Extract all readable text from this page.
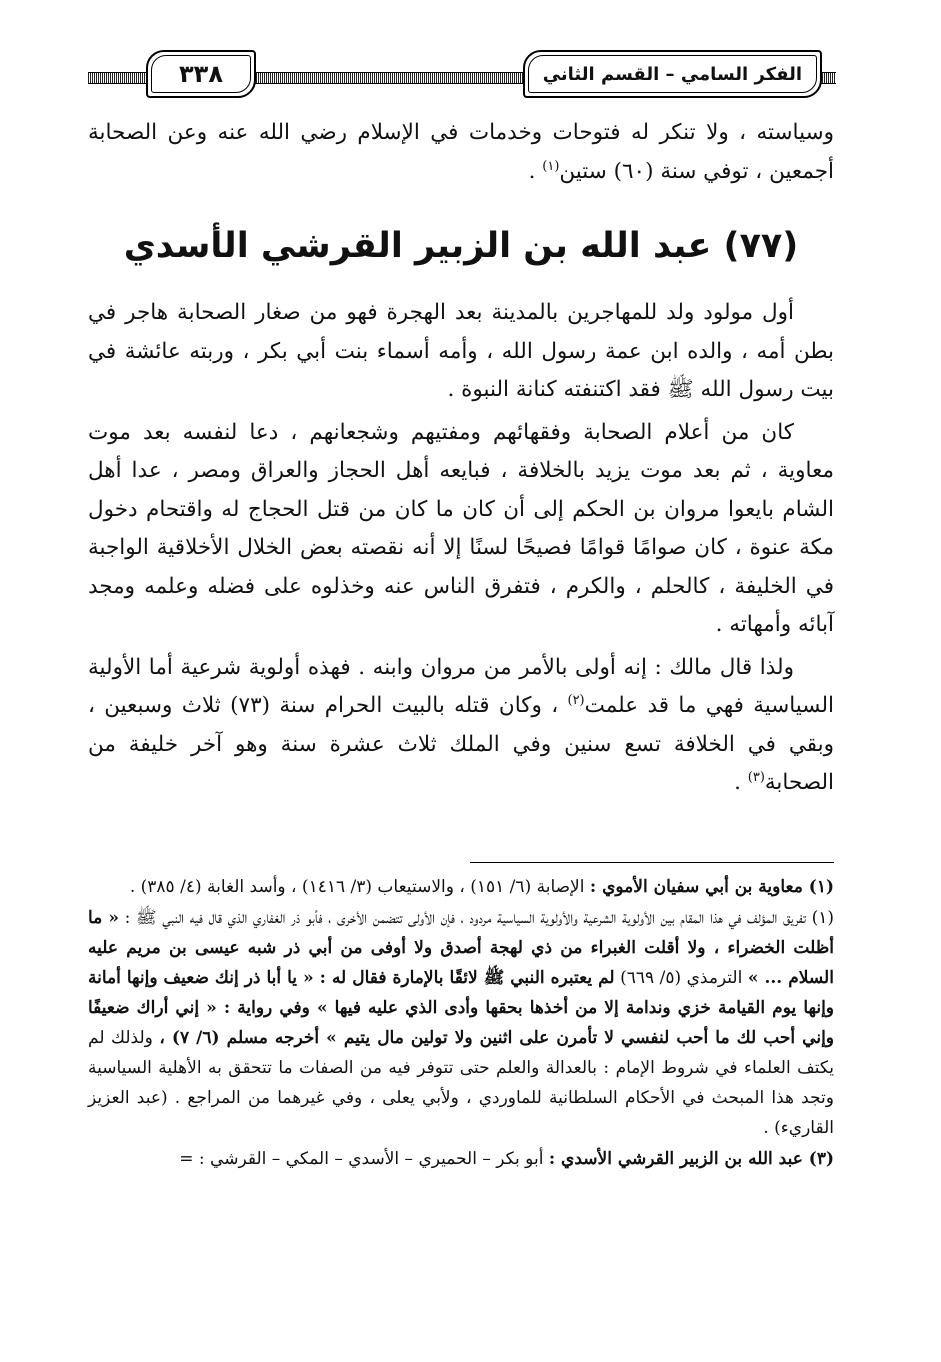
٣٣٨	الفكر السامي – القسم الثاني

وسياسته ، ولا تنكر له فتوحات وخدمات في الإسلام رضي الله عنه وعن الصحابة أجمعين ، توفي سنة (٦٠) ستين$^{(١)}$ .

(٧٧) عبد الله بن الزبير القرشي الأسدي

أول مولود ولد للمهاجرين بالمدينة بعد الهجرة فهو من صغار الصحابة هاجر في بطن أمه ، والده ابن عمة رسول الله ، وأمه أسماء بنت أبي بكر ، وربته عائشة في بيت رسول الله ﷺ فقد اكتنفته كنانة النبوة .

كان من أعلام الصحابة وفقهائهم ومفتيهم وشجعانهم ، دعا لنفسه بعد موت معاوية ، ثم بعد موت يزيد بالخلافة ، فبايعه أهل الحجاز والعراق ومصر ، عدا أهل الشام بايعوا مروان بن الحكم إلى أن كان ما كان من قتل الحجاج له واقتحام دخول مكة عنوة ، كان صوامًا قوامًا فصيحًا لسنًا إلا أنه نقصته بعض الخلال الأخلاقية الواجبة في الخليفة ، كالحلم ، والكرم ، فتفرق الناس عنه وخذلوه على فضله وعلمه ومجد آبائه وأمهاته .

ولذا قال مالك : إنه أولى بالأمر من مروان وابنه . فهذه أولوية شرعية أما الأولية السياسية فهي ما قد علمت$^{(٢)}$ ، وكان قتله بالبيت الحرام سنة (٧٣) ثلاث وسبعين ، وبقي في الخلافة تسع سنين وفي الملك ثلاث عشرة سنة وهو آخر خليفة من الصحابة$^{(٣)}$ .

(١) معاوية بن أبي سفيان الأموي : الإصابة (٦/ ١٥١) ، والاستيعاب (٣/ ١٤١٦) ، وأسد الغابة (٤/ ٣٨٥) .

(١) تفريق المؤلف في هذا المقام بين الأولوية الشرعية والأولوية السياسية مردود ، فإن الأولى تتضمن الأخرى ، فأبو ذر الغفاري الذي قال فيه النبي ﷺ : « ما أظلت الخضراء ، ولا أقلت الغبراء من ذي لهجة أصدق ولا أوفى من أبي ذر شبه عيسى بن مريم عليه السلام ... » الترمذي (٥/ ٦٦٩) لم يعتبره النبي ﷺ لائقًا بالإمارة فقال له : « يا أبا ذر إنك ضعيف وإنها أمانة وإنها يوم القيامة خزي وندامة إلا من أخذها بحقها وأدى الذي عليه فيها » وفي رواية : « إني أراك ضعيفًا وإني أحب لك ما أحب لنفسي لا تأمرن على اثنين ولا تولين مال يتيم » أخرجه مسلم (٦/ ٧) ، ولذلك لم يكتف العلماء في شروط الإمام : بالعدالة والعلم حتى تتوفر فيه من الصفات ما تتحقق به الأهلية السياسية وتجد هذا المبحث في الأحكام السلطانية للماوردي ، ولأبي يعلى ، وفي غيرهما من المراجع . (عبد العزيز القاريء) .

(٣) عبد الله بن الزبير القرشي الأسدي : أبو بكر – الحميري – الأسدي – المكي – القرشي : =
